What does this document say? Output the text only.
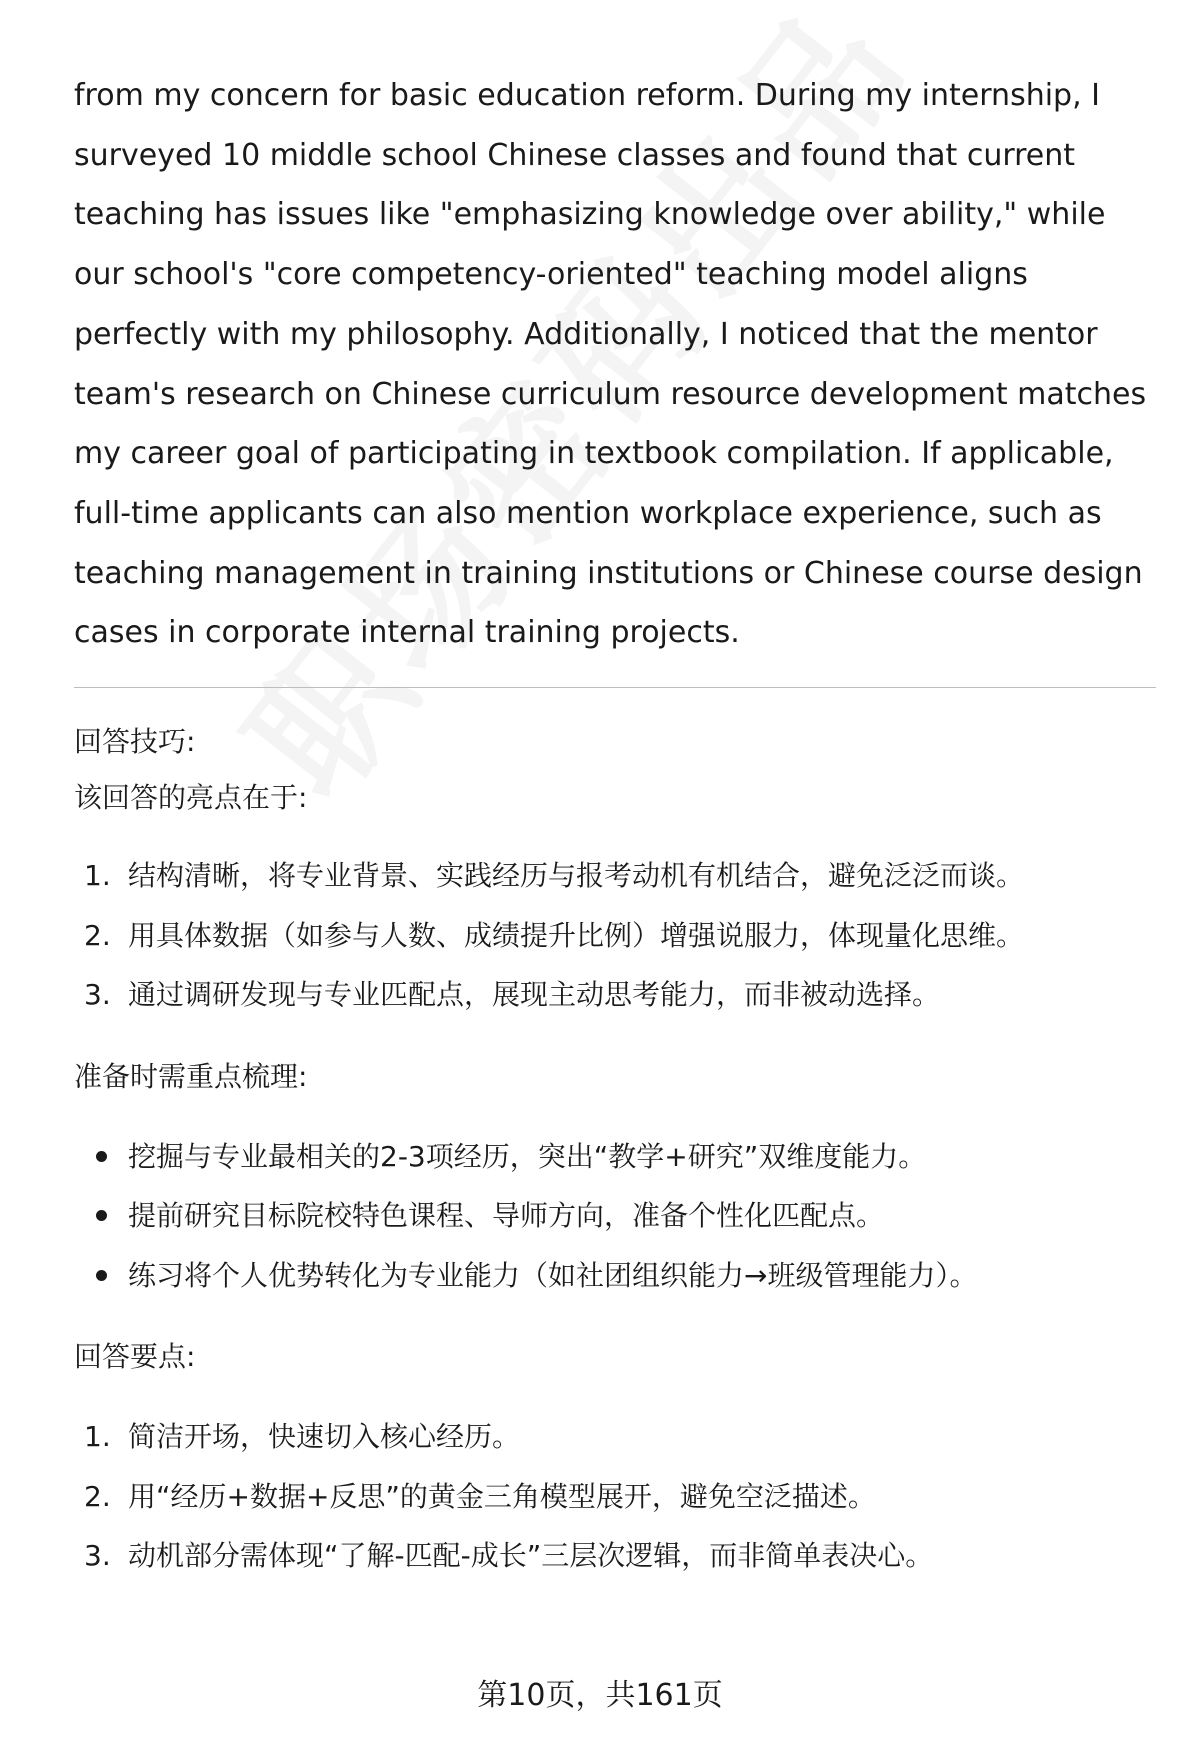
from my concern for basic education reform. During my internship, I surveyed 10 middle school Chinese classes and found that current teaching has issues like "emphasizing knowledge over ability," while our school's "core competency-oriented" teaching model aligns perfectly with my philosophy. Additionally, I noticed that the mentor team's research on Chinese curriculum resource development matches my career goal of participating in textbook compilation. If applicable, full-time applicants can also mention workplace experience, such as teaching management in training institutions or Chinese course design cases in corporate internal training projects.

回答技巧:

该回答的亮点在于:

1. 结构清晰，将专业背景、实践经历与报考动机有机结合，避免泛泛而谈。
2. 用具体数据（如参与人数、成绩提升比例）增强说服力，体现量化思维。
3. 通过调研发现与专业匹配点，展现主动思考能力，而非被动选择。

准备时需重点梳理:

挖掘与专业最相关的2-3项经历，突出“教学+研究”双维度能力。
提前研究目标院校特色课程、导师方向，准备个性化匹配点。
练习将个人优势转化为专业能力（如社团组织能力→班级管理能力）。

回答要点:

1. 简洁开场，快速切入核心经历。
2. 用“经历+数据+反思”的黄金三角模型展开，避免空泛描述。
3. 动机部分需体现“了解-匹配-成长”三层次逻辑，而非简单表决心。
第10页，共161页
